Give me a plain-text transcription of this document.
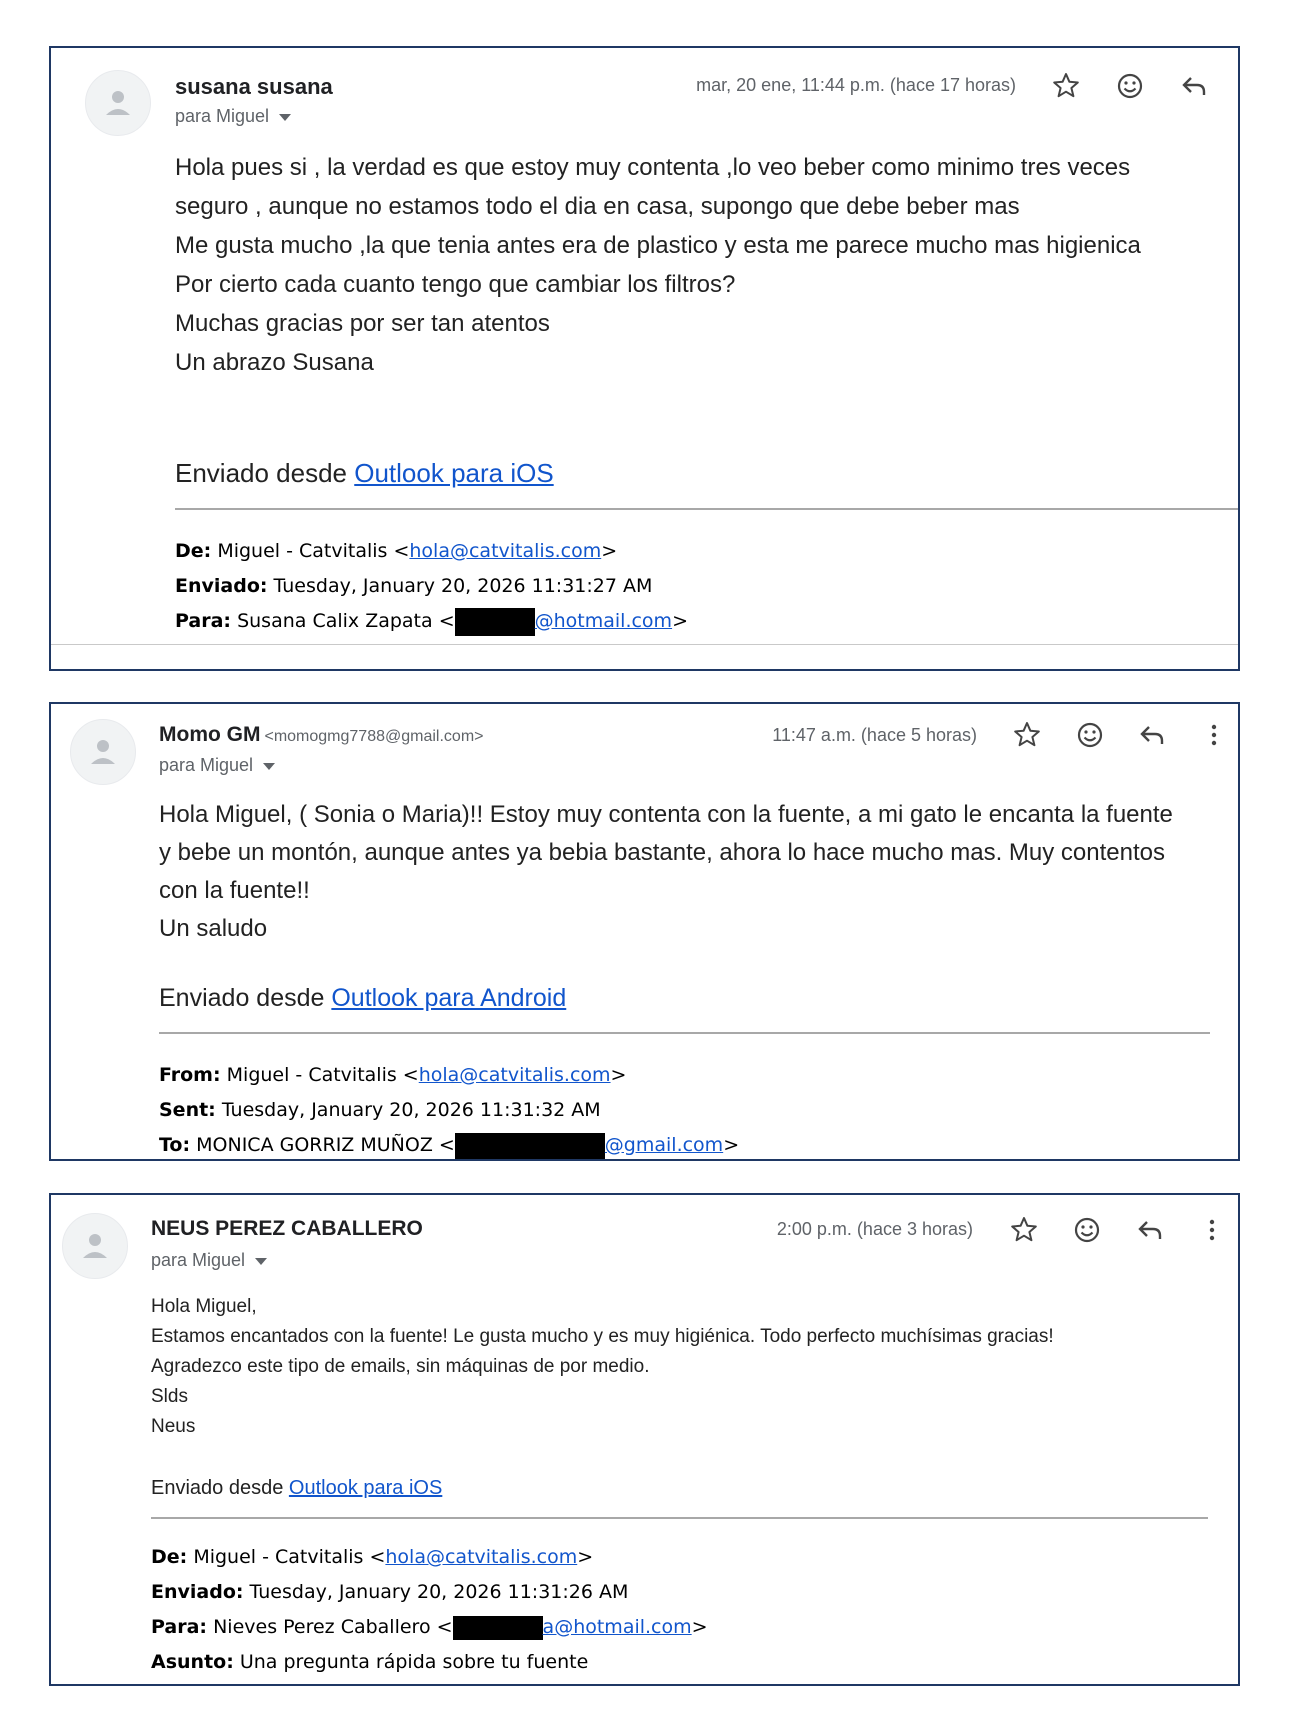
susana susana
para Miguel
mar, 20 ene, 11:44 p.m. (hace 17 horas)
Hola pues si , la verdad es que estoy muy contenta ,lo veo beber como minimo tres veces
seguro , aunque no estamos todo el dia en casa, supongo que debe beber mas
Me gusta mucho ,la que tenia antes era de plastico y esta me parece mucho mas higienica
Por cierto cada cuanto tengo que cambiar los filtros?
Muchas gracias por ser tan atentos
Un abrazo Susana
Enviado desde Outlook para iOS
De: Miguel - Catvitalis <hola@catvitalis.com>
Enviado: Tuesday, January 20, 2026 11:31:27 AM
Para: Susana Calix Zapata <	@hotmail.com>
Momo GM <momogmg7788@gmail.com>
para Miguel
11:47 a.m. (hace 5 horas)
Hola Miguel, ( Sonia o Maria)!! Estoy muy contenta con la fuente, a mi gato le encanta la fuente
y bebe un montón, aunque antes ya bebia bastante, ahora lo hace mucho mas. Muy contentos
con la fuente!!
Un saludo
Enviado desde Outlook para Android
From: Miguel - Catvitalis <hola@catvitalis.com>
Sent: Tuesday, January 20, 2026 11:31:32 AM
To: MONICA GORRIZ MUÑOZ <	@gmail.com>
NEUS PEREZ CABALLERO
para Miguel
2:00 p.m. (hace 3 horas)
Hola Miguel,
Estamos encantados con la fuente! Le gusta mucho y es muy higiénica. Todo perfecto muchísimas gracias!
Agradezco este tipo de emails, sin máquinas de por medio.
Slds
Neus
Enviado desde Outlook para iOS
De: Miguel - Catvitalis <hola@catvitalis.com>
Enviado: Tuesday, January 20, 2026 11:31:26 AM
Para: Nieves Perez Caballero <	a@hotmail.com>
Asunto: Una pregunta rápida sobre tu fuente
